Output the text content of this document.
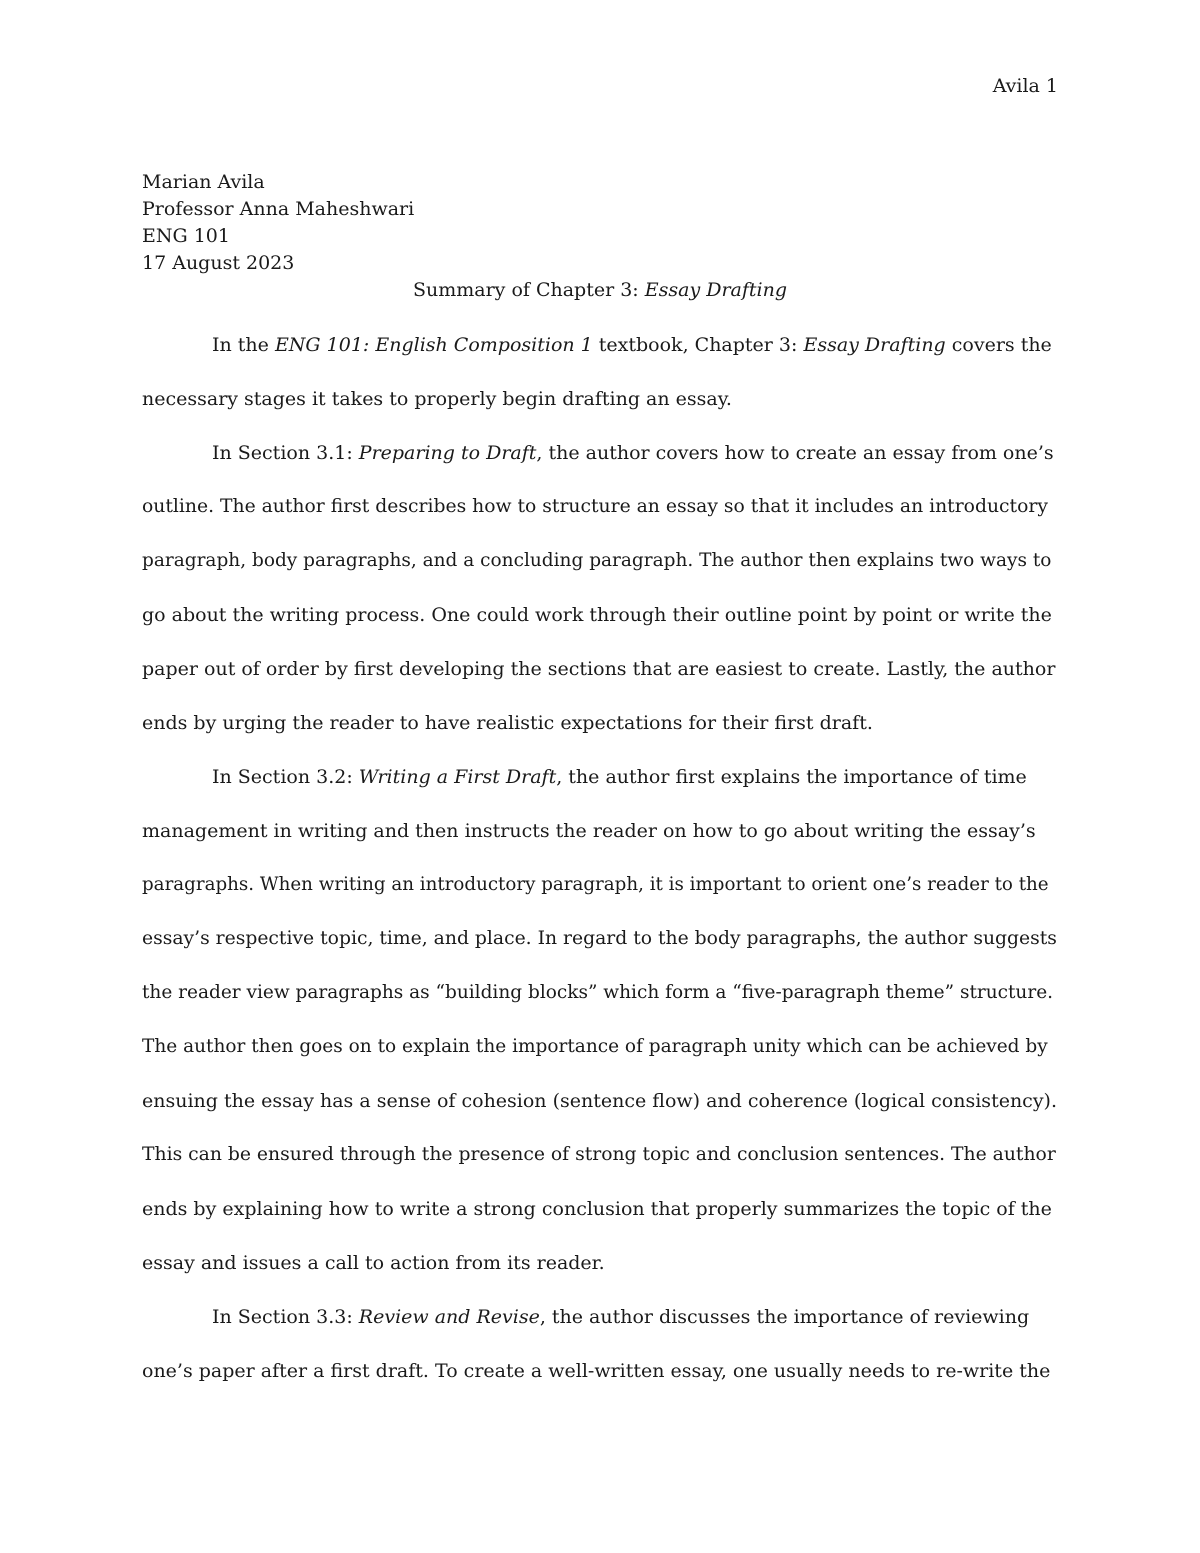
Avila 1
Marian Avila
Professor Anna Maheshwari
ENG 101
17 August 2023
Summary of Chapter 3: Essay Drafting
In the ENG 101: English Composition 1 textbook, Chapter 3: Essay Drafting covers the
necessary stages it takes to properly begin drafting an essay.
In Section 3.1: Preparing to Draft, the author covers how to create an essay from one’s
outline. The author first describes how to structure an essay so that it includes an introductory
paragraph, body paragraphs, and a concluding paragraph. The author then explains two ways to
go about the writing process. One could work through their outline point by point or write the
paper out of order by first developing the sections that are easiest to create. Lastly, the author
ends by urging the reader to have realistic expectations for their first draft.
In Section 3.2: Writing a First Draft, the author first explains the importance of time
management in writing and then instructs the reader on how to go about writing the essay’s
paragraphs. When writing an introductory paragraph, it is important to orient one’s reader to the
essay’s respective topic, time, and place. In regard to the body paragraphs, the author suggests
the reader view paragraphs as “building blocks” which form a “five-paragraph theme” structure.
The author then goes on to explain the importance of paragraph unity which can be achieved by
ensuing the essay has a sense of cohesion (sentence flow) and coherence (logical consistency).
This can be ensured through the presence of strong topic and conclusion sentences. The author
ends by explaining how to write a strong conclusion that properly summarizes the topic of the
essay and issues a call to action from its reader.
In Section 3.3: Review and Revise, the author discusses the importance of reviewing
one’s paper after a first draft. To create a well-written essay, one usually needs to re-write the
